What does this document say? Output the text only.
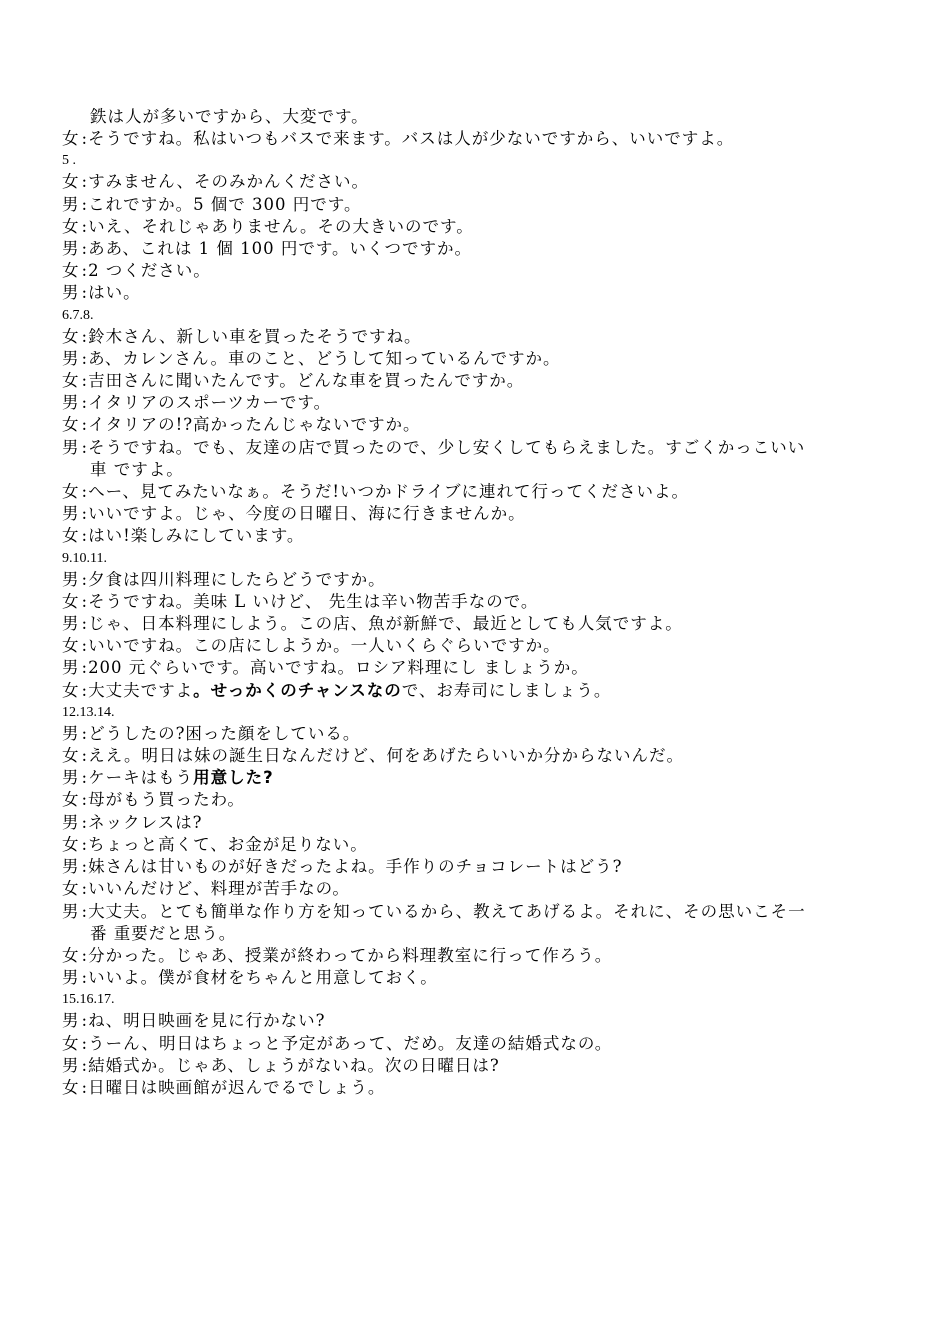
鉄は人が多いですから、大変です。
女 :そうですね。私はいつもバスで来ます。バスは人が少ないですから、いいですよ。
5 .
女 :すみません、そのみかんください。
男 :これですか。5 個で 300 円です。
女 :いえ、それじゃありません。その大きいのです。
男 :ああ、これは 1 個 100 円です。いくつですか。
女 :2 つください。
男 :はい。
6.7.8.
女 :鈴木さん、新しい車を買ったそうですね。
男 :あ、カレンさん。車のこと、どうして知っているんですか。
女 :吉田さんに聞いたんです。どんな車を買ったんですか。
男 :イタリアのスポーツカーです。
女 :イタリアの!?高かったんじゃないですか。
男 :そうですね。でも、友達の店で買ったので、少し安くしてもらえました。すごくかっこいい
車 ですよ。
女 :へー、見てみたいなぁ。そうだ!いつかドライブに連れて行ってくださいよ。
男 :いいですよ。じゃ、今度の日曜日、海に行きませんか。
女 :はい!楽しみにしています。
9.10.11.
男 :夕食は四川料理にしたらどうですか。
女 :そうですね。美味 L いけど、 先生は辛い物苦手なので。
男 :じゃ、日本料理にしよう。この店、魚が新鮮で、最近としても人気ですよ。
女 :いいですね。この店にしようか。一人いくらぐらいですか。
男 :200 元ぐらいです。高いですね。ロシア料理にし ましょうか。
女 :大丈夫ですよ。せっかくのチャンスなので、お寿司にしましょう。
12.13.14.
男 :どうしたの?困った顔をしている。
女 :ええ。明日は妹の誕生日なんだけど、何をあげたらいいか分からないんだ。
男 :ケーキはもう用意した?
女 :母がもう買ったわ。
男 :ネックレスは?
女 :ちょっと高くて、お金が足りない。
男 :妹さんは甘いものが好きだったよね。手作りのチョコレートはどう?
女 :いいんだけど、料理が苦手なの。
男 :大丈夫。とても簡単な作り方を知っているから、教えてあげるよ。それに、その思いこそ一
番 重要だと思う。
女 :分かった。じゃあ、授業が終わってから料理教室に行って作ろう。
男 :いいよ。僕が食材をちゃんと用意しておく。
15.16.17.
男 :ね、明日映画を見に行かない?
女 :うーん、明日はちょっと予定があって、だめ。友達の結婚式なの。
男 :結婚式か。じゃあ、しょうがないね。次の日曜日は?
女 :日曜日は映画館が迟んでるでしょう。
